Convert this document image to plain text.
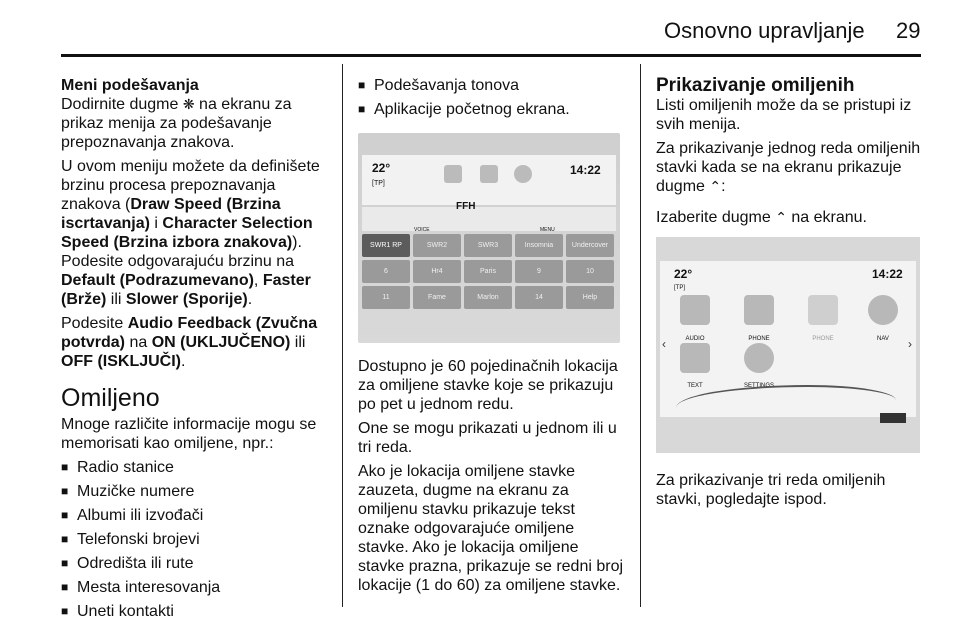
Osnovno upravljanje 29

Meni podešavanja

Dodirnite dugme ❋ na ekranu za prikaz menija za podešavanje prepoznavanja znakova.

U ovom meniju možete da definišete brzinu procesa prepoznavanja znakova (Draw Speed (Brzina iscrtavanja) i Character Selection Speed (Brzina izbora znakova)). Podesite odgovarajuću brzinu na Default (Podrazumevano), Faster (Brže) ili Slower (Sporije).

Podesite Audio Feedback (Zvučna potvrda) na ON (UKLJUČENO) ili OFF (ISKLJUČI).

Omiljeno

Mnoge različite informacije mogu se memorisati kao omiljene, npr.:

■ Radio stanice
■ Muzičke numere
■ Albumi ili izvođači
■ Telefonski brojevi
■ Odredišta ili rute
■ Mesta interesovanja
■ Uneti kontakti
■ Podešavanja tonova
■ Aplikacije početnog ekrana.
22°
[TP]
14:22
FFH
VOICE	MENU
SWR1 RP	SWR2	SWR3	Insomnia	Undercover
6	Hr4	Paris	9	10
11	Fame	Marlon	14	Help

Dostupno je 60 pojedinačnih lokacija za omiljene stavke koje se prikazuju po pet u jednom redu.

One se mogu prikazati u jednom ili u tri reda.

Ako je lokacija omiljene stavke zauzeta, dugme na ekranu za omiljenu stavku prikazuje tekst oznake odgovarajuće omiljene stavke. Ako je lokacija omiljene stavke prazna, prikazuje se redni broj lokacije (1 do 60) za omiljene stavke.

Prikazivanje omiljenih

Listi omiljenih može da se pristupi iz svih menija.

Za prikazivanje jednog reda omiljenih stavki kada se na ekranu prikazuje dugme ⌃:

Izaberite dugme ⌃ na ekranu.

22°
[TP]
14:22
‹	›
AUDIO	PHONE	PHONE	NAV
TEXT	SETTINGS

Za prikazivanje tri reda omiljenih stavki, pogledajte ispod.
